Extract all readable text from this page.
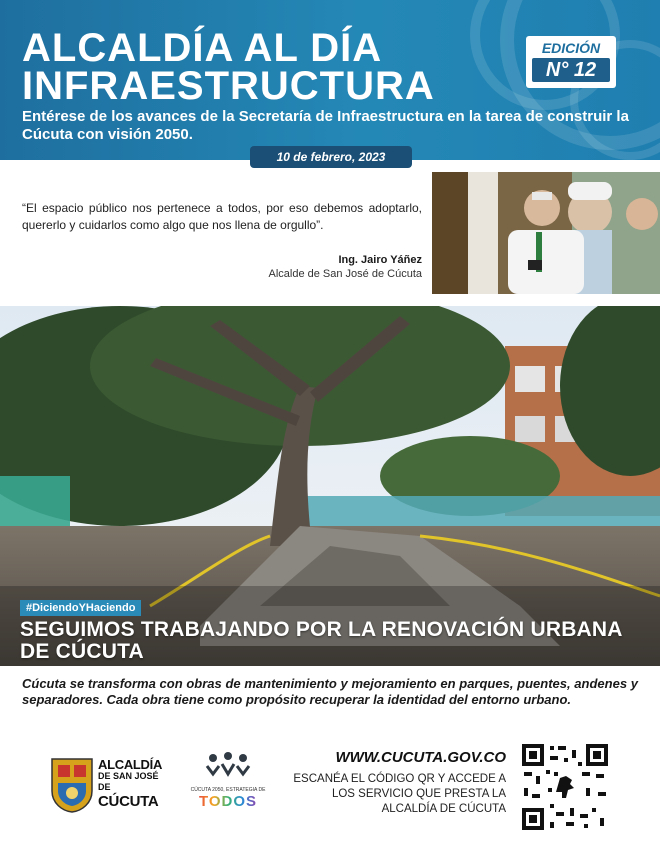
ALCALDÍA AL DÍA
INFRAESTRUCTURA
EDICIÓN
N° 12
Entérese de los avances de la Secretaría de Infraestructura en la tarea de construir la Cúcuta con visión 2050.
10 de febrero, 2023
“El espacio público nos pertenece a todos, por eso debemos adoptarlo, quererlo y cuidarlos como algo que nos llena de orgullo”.
Ing. Jairo Yáñez
Alcalde de San José de Cúcuta
#DiciendoYHaciendo
SEGUIMOS TRABAJANDO POR LA RENOVACIÓN URBANA DE CÚCUTA
Cúcuta se transforma con obras de mantenimiento y mejoramiento en parques, puentes, andenes y separadores. Cada obra tiene como propósito recuperar la identidad del entorno urbano.
ALCALDÍA
DE SAN JOSÉ DE
CÚCUTA
CÚCUTA 2050, ESTRATEGIA DE
TODOS
WWW.CUCUTA.GOV.CO
ESCANÉA EL CÓDIGO QR Y ACCEDE A LOS SERVICIO QUE PRESTA LA ALCALDÍA DE CÚCUTA
